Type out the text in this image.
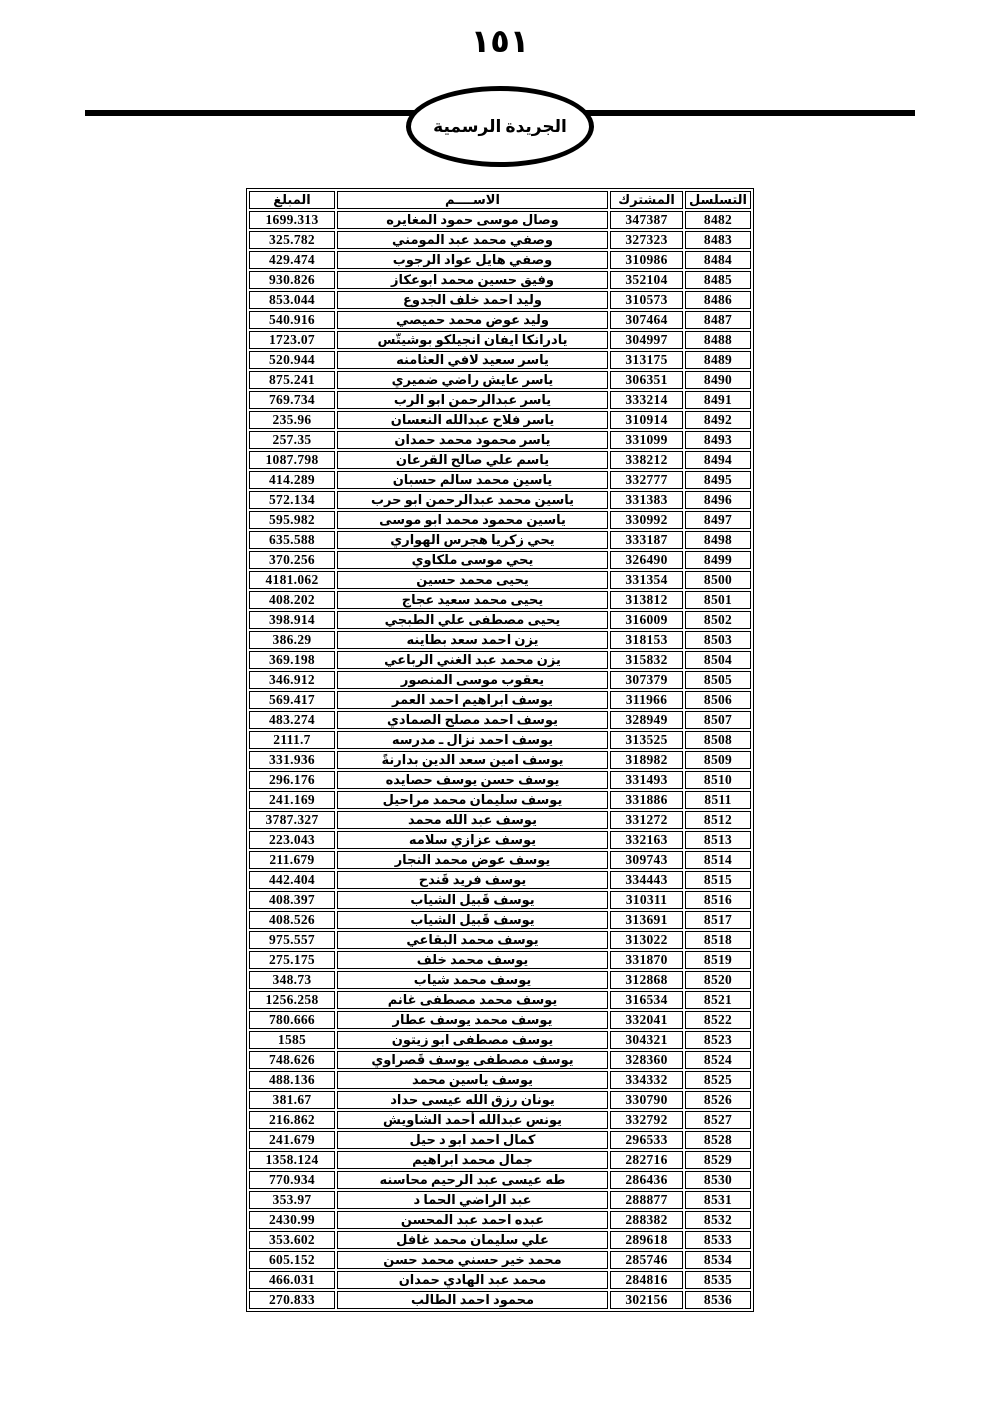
١٥١
الجريدة الرسمية
التسلسل	المشترك	الاســــم	المبلغ
8482	347387	وصال موسى حمود المغايره	1699.313
8483	327323	وصفي محمد عبد المومني	325.782
8484	310986	وصفي هايل عواد الرجوب	429.474
8485	352104	وفيق حسين محمد ابوعكاز	930.826
8486	310573	وليد احمد خلف الجدوع	853.044
8487	307464	وليد عوض محمد حميصي	540.916
8488	304997	يادرانكا ايفان انجيلكو بوشيتّس	1723.07
8489	313175	ياسر سعيد لافي العثامنه	520.944
8490	306351	ياسر عايش راضي ضميري	875.241
8491	333214	ياسر عبدالرحمن ابو الرب	769.734
8492	310914	ياسر فلاح عبدالله النعسان	235.96
8493	331099	ياسر محمود محمد حمدان	257.35
8494	338212	ياسم علي صالح القرعان	1087.798
8495	332777	ياسين محمد سالم حسبان	414.289
8496	331383	ياسين محمد عبدالرحمن ابو حرب	572.134
8497	330992	ياسين محمود محمد ابو موسى	595.982
8498	333187	يحي زكريا هجرس الهواري	635.588
8499	326490	يحي موسى ملكاوي	370.256
8500	331354	يحيى محمد حسين	4181.062
8501	313812	يحيى محمد سعيد عجاج	408.202
8502	316009	يحيى مصطفى علي الطبجي	398.914
8503	318153	يزن احمد سعد بطاينه	386.29
8504	315832	يزن محمد عبد الغني الرباعي	369.198
8505	307379	يعقوب موسى المنصور	346.912
8506	311966	يوسف ابراهيم احمد العمر	569.417
8507	328949	يوسف احمد مصلح الصمادي	483.274
8508	313525	يوسف احمد نزال ـ مدرسه	2111.7
8509	318982	يوسف امين سعد الدين بدارنةً	331.936
8510	331493	يوسف حسن يوسف حصايده	296.176
8511	331886	يوسف سليمان محمد مراحيل	241.169
8512	331272	يوسف عبد الله محمد	3787.327
8513	332163	يوسف عزازي سلامه	223.043
8514	309743	يوسف عوض محمد النجار	211.679
8515	334443	يوسف فريد قَندح	442.404
8516	310311	يوسف قَبيل الشياب	408.397
8517	313691	يوسف قَبيل الشياب	408.526
8518	313022	يوسف محمد البقاعي	975.557
8519	331870	يوسف محمد خلف	275.175
8520	312868	يوسف محمد شياب	348.73
8521	316534	يوسف محمد مصطفى غانم	1256.258
8522	332041	يوسف محمد يوسف عطار	780.666
8523	304321	يوسف مصطفى ابو زيتون	1585
8524	328360	يوسف مصطفى يوسف قَصراوي	748.626
8525	334332	يوسف ياسين محمد	488.136
8526	330790	يونان رزق الله عيسى حداد	381.67
8527	332792	يونس عبدالله أحمد الشاويش	216.862
8528	296533	كمال احمد ابو د حيل	241.679
8529	282716	جمال محمد ابراهيم	1358.124
8530	286436	طه عيسى عبد الرحيم محاسنه	770.934
8531	288877	عبد الراضي الحما د	353.97
8532	288382	عبده احمد عبد المحسن	2430.99
8533	289618	علي سليمان محمد غافل	353.602
8534	285746	محمد خير حسني محمد حسن	605.152
8535	284816	محمد عبد الهادي حمدان	466.031
8536	302156	محمود احمد الطالب	270.833
